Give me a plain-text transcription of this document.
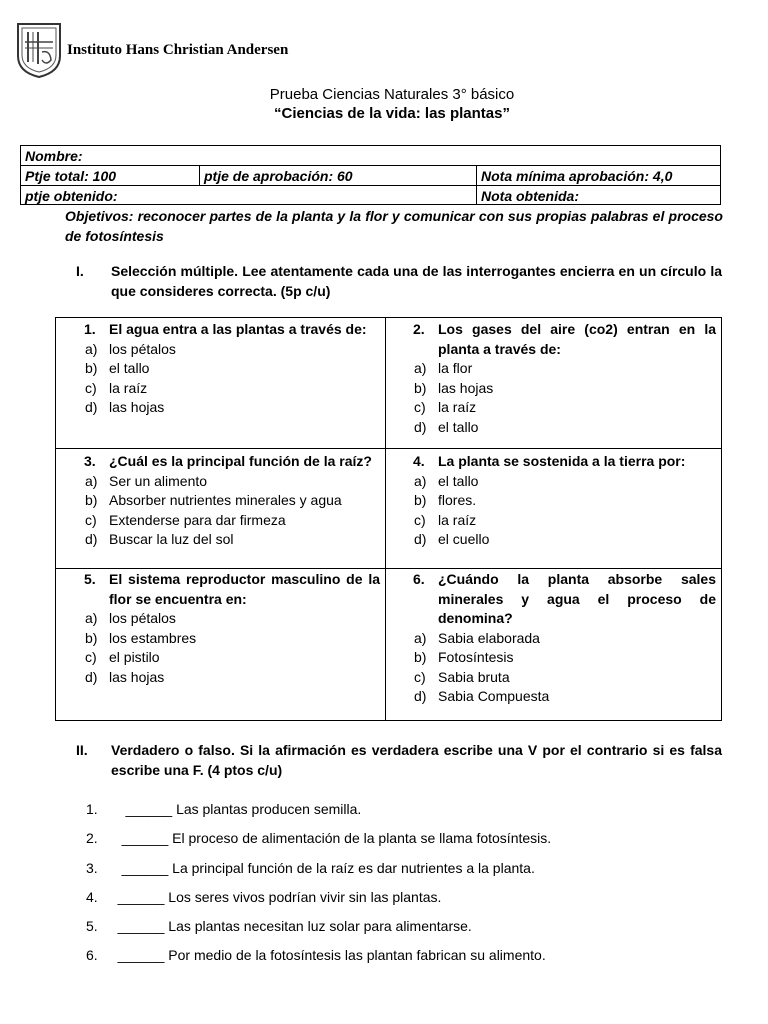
Instituto Hans Christian Andersen
Prueba Ciencias Naturales 3° básico
“Ciencias de la vida: las plantas”
Nombre:
Ptje total: 100	ptje de aprobación: 60	Nota mínima aprobación: 4,0
ptje obtenido:	Nota obtenida:
Objetivos: reconocer partes de la planta y la flor y comunicar con sus propias palabras el proceso de fotosíntesis
I. Selección múltiple. Lee atentamente cada una de las interrogantes encierra en un círculo la que consideres correcta. (5p c/u)
1. El agua entra a las plantas a través de:
a) los pétalos
b) el tallo
c) la raíz
d) las hojas
2. Los gases del aire (co2) entran en la planta a través de:
a) la flor
b) las hojas
c) la raíz
d) el tallo
3. ¿Cuál es la principal función de la raíz?
a) Ser un alimento
b) Absorber nutrientes minerales y agua
c) Extenderse para dar firmeza
d) Buscar la luz del sol
4. La planta se sostenida a la tierra por:
a) el tallo
b) flores.
c) la raíz
d) el cuello
5. El sistema reproductor masculino de la flor se encuentra en:
a) los pétalos
b) los estambres
c) el pistilo
d) las hojas
6. ¿Cuándo la planta absorbe sales minerales y agua el proceso de denomina?
a) Sabia elaborada
b) Fotosíntesis
c) Sabia bruta
d) Sabia Compuesta
II. Verdadero o falso. Si la afirmación es verdadera escribe una V por el contrario si es falsa escribe una F. (4 ptos c/u)
1. ______ Las plantas producen semilla.
2. ______ El proceso de alimentación de la planta se llama fotosíntesis.
3. ______ La principal función de la raíz es dar nutrientes a la planta.
4. ______ Los seres vivos podrían vivir sin las plantas.
5. ______ Las plantas necesitan luz solar para alimentarse.
6. ______ Por medio de la fotosíntesis las plantan fabrican su alimento.
